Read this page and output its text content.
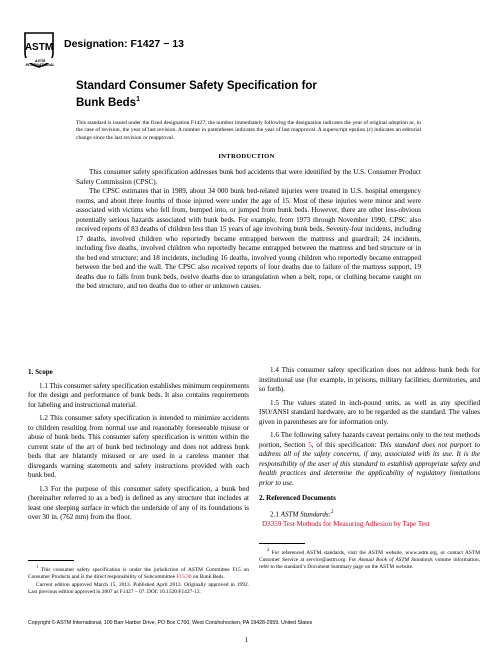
ASTM
ASTM INTERNATIONAL
Designation: F1427 − 13
Standard Consumer Safety Specification for
Bunk Beds$^1$
This standard is issued under the fixed designation F1427; the number immediately following the designation indicates the year of original adoption or, in the case of revision, the year of last revision. A number in parentheses indicates the year of last reapproval. A superscript epsilon (ε) indicates an editorial change since the last revision or reapproval.
INTRODUCTION

This consumer safety specification addresses bunk bed accidents that were identified by the U.S. Consumer Product Safety Commission (CPSC).

The CPSC estimates that in 1989, about 34 000 bunk bed-related injuries were treated in U.S. hospital emergency rooms, and about three fourths of those injured were under the age of 15. Most of these injuries were minor and were associated with victims who fell from, bumped into, or jumped from bunk beds. However, there are other less-obvious potentially serious hazards associated with bunk beds. For example, from 1973 through November 1990, CPSC also received reports of 83 deaths of children less than 15 years of age involving bunk beds. Seventy-four incidents, including 17 deaths, involved children who reportedly became entrapped between the mattress and guardrail; 24 incidents, including five deaths, involved children who reportedly became entrapped between the mattress and bed structure or in the bed end structure; and 18 incidents, including 16 deaths, involved young children who reportedly became entrapped between the bed and the wall. The CPSC also received reports of four deaths due to failure of the mattress support, 19 deaths due to falls from bunk beds, twelve deaths due to strangulation when a belt, rope, or clothing became caught on the bed structure, and ten deaths due to other or unknown causes.

1. Scope

1.1 This consumer safety specification establishes minimum requirements for the design and performance of bunk beds. It also contains requirements for labeling and instructional material.

1.2 This consumer safety specification is intended to minimize accidents to children resulting from normal use and reasonably foreseeable misuse or abuse of bunk beds. This consumer safety specification is written within the current state of the art of bunk bed technology and does not address bunk beds that are blatantly misused or are used in a careless manner that disregards warning statements and safety instructions provided with each bunk bed.

1.3 For the purpose of this consumer safety specification, a bunk bed (hereinafter referred to as a bed) is defined as any structure that includes at least one sleeping surface in which the underside of any of its foundations is over 30 in. (762 mm) from the floor.

1.4 This consumer safety specification does not address bunk beds for institutional use (for example, in prisons, military facilities, dormitories, and so forth).

1.5 The values stated in inch-pound units, as well as any specified ISO/ANSI standard hardware, are to be regarded as the standard. The values given in parentheses are for information only.

1.6 The following safety hazards caveat pertains only to the test methods portion, Section 5, of this specification: This standard does not purport to address all of the safety concerns, if any, associated with its use. It is the responsibility of the user of this standard to establish appropriate safety and health practices and determine the applicability of regulatory limitations prior to use.

2. Referenced Documents

2.1 ASTM Standards:$^2$

D3359 Test Methods for Measuring Adhesion by Tape Test

$^1$ This consumer safety specification is under the jurisdiction of ASTM Committee F15 on Consumer Products and is the direct responsibility of Subcommittee F15.30 on Bunk Beds.

Current edition approved March 15, 2013. Published April 2013. Originally approved in 1992. Last previous edition approved in 2007 as F1427 – 07. DOI: 10.1520/F1427-13.

$^2$ For referenced ASTM standards, visit the ASTM website, www.astm.org, or contact ASTM Customer Service at service@astm.org. For Annual Book of ASTM Standards volume information, refer to the standard’s Document Summary page on the ASTM website.

Copyright © ASTM International, 100 Barr Harbor Drive, PO Box C700, West Conshohocken, PA 19428-2959. United States
1
